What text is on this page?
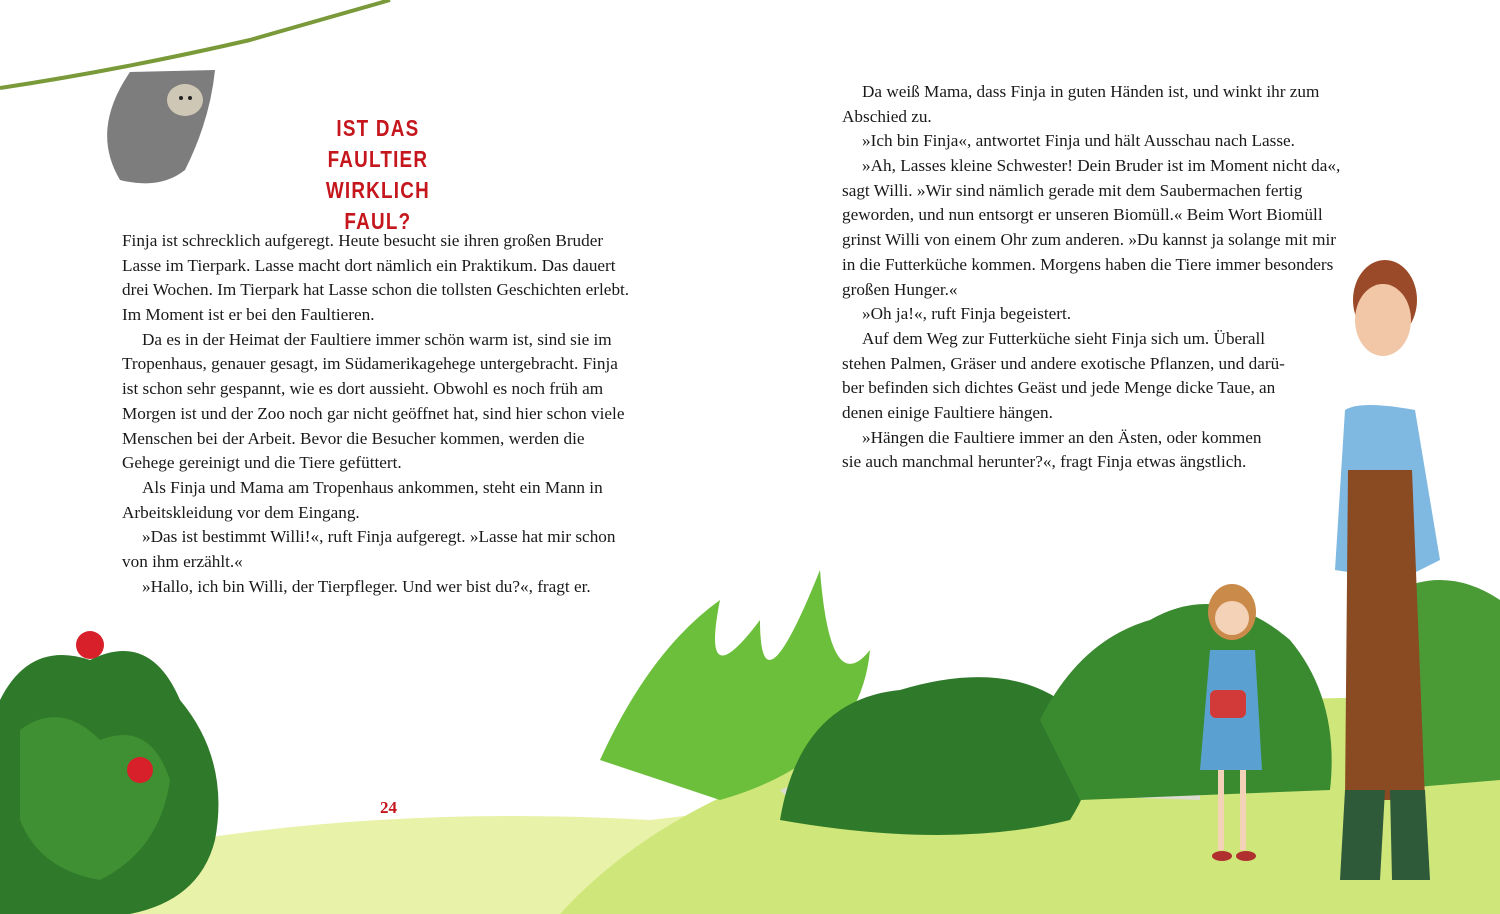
IST DAS FAULTIER
WIRKLICH FAUL?
Finja ist schrecklich aufgeregt. Heute besucht sie ihren großen Bruder
Lasse im Tierpark. Lasse macht dort nämlich ein Praktikum. Das dauert
drei Wochen. Im Tierpark hat Lasse schon die tollsten Geschichten erlebt.
Im Moment ist er bei den Faultieren.
Da es in der Heimat der Faultiere immer schön warm ist, sind sie im
Tropenhaus, genauer gesagt, im Südamerikagehege untergebracht. Finja
ist schon sehr gespannt, wie es dort aussieht. Obwohl es noch früh am
Morgen ist und der Zoo noch gar nicht geöffnet hat, sind hier schon viele
Menschen bei der Arbeit. Bevor die Besucher kommen, werden die
Gehege gereinigt und die Tiere gefüttert.
Als Finja und Mama am Tropenhaus ankommen, steht ein Mann in
Arbeitskleidung vor dem Eingang.
»Das ist bestimmt Willi!«, ruft Finja aufgeregt. »Lasse hat mir schon
von ihm erzählt.«
»Hallo, ich bin Willi, der Tierpfleger. Und wer bist du?«, fragt er.
Da weiß Mama, dass Finja in guten Händen ist, und winkt ihr zum
Abschied zu.
»Ich bin Finja«, antwortet Finja und hält Ausschau nach Lasse.
»Ah, Lasses kleine Schwester! Dein Bruder ist im Moment nicht da«,
sagt Willi. »Wir sind nämlich gerade mit dem Saubermachen fertig
geworden, und nun entsorgt er unseren Biomüll.« Beim Wort Biomüll
grinst Willi von einem Ohr zum anderen. »Du kannst ja solange mit mir
in die Futterküche kommen. Morgens haben die Tiere immer besonders
großen Hunger.«
»Oh ja!«, ruft Finja begeistert.
Auf dem Weg zur Futterküche sieht Finja sich um. Überall
stehen Palmen, Gräser und andere exotische Pflanzen, und darü-
ber befinden sich dichtes Geäst und jede Menge dicke Taue, an
denen einige Faultiere hängen.
»Hängen die Faultiere immer an den Ästen, oder kommen
sie auch manchmal herunter?«, fragt Finja etwas ängstlich.
24
